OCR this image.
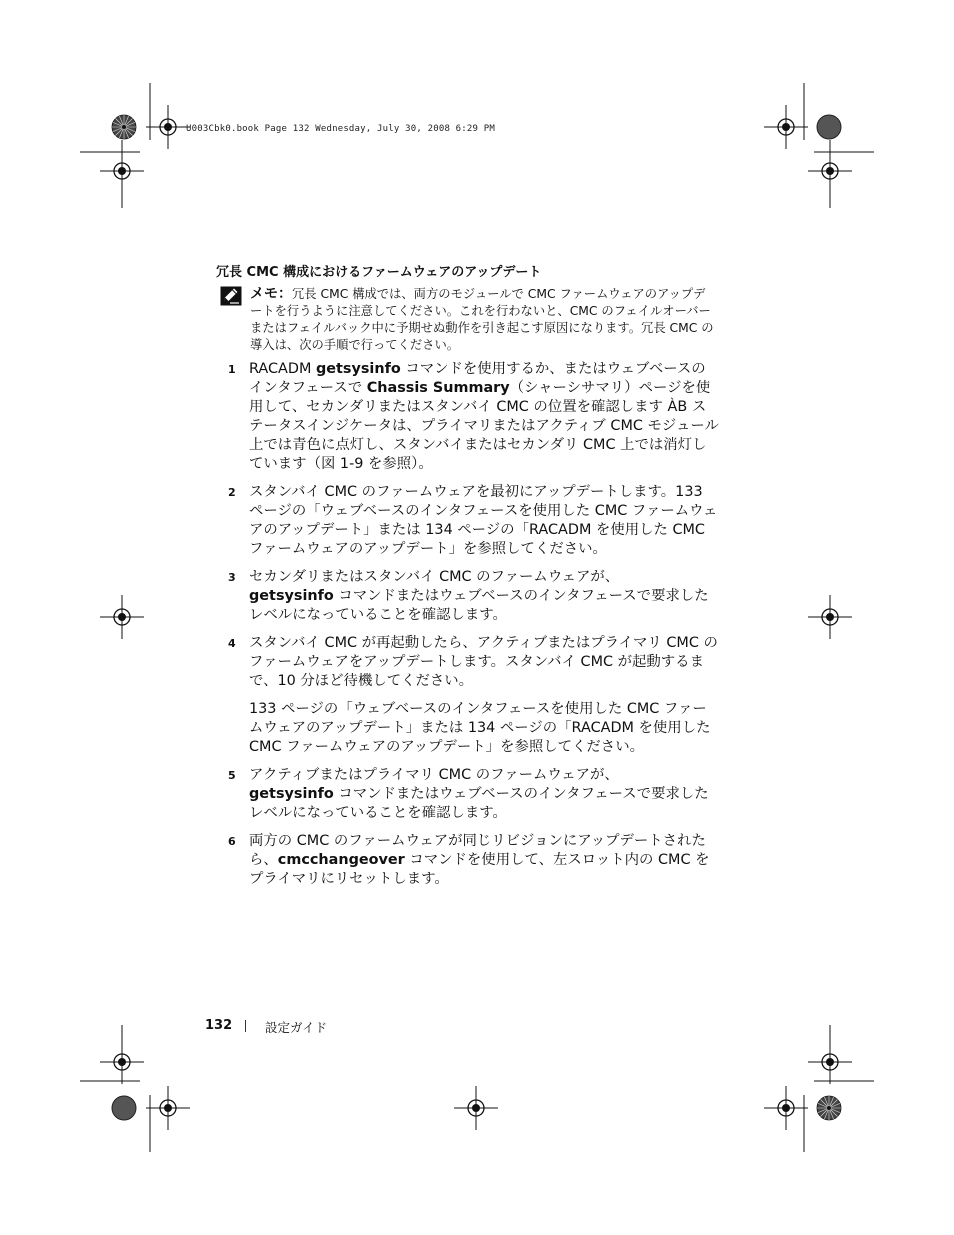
U003Cbk0.book Page 132 Wednesday, July 30, 2008 6:29 PM
冗長 CMC 構成におけるファームウェアのアップデート
メモ：冗長 CMC 構成では、両方のモジュールで CMC ファームウェアのアップデートを行うように注意してください。これを行わないと、CMC のフェイルオーバーまたはフェイルバック中に予期せぬ動作を引き起こす原因になります。冗長 CMC の導入は、次の手順で行ってください。
1 RACADM getsysinfo コマンドを使用するか、またはウェブベースのインタフェースで Chassis Summary（シャーシサマリ）ページを使用して、セカンダリまたはスタンバイ CMC の位置を確認します ÀB ステータスインジケータは、プライマリまたはアクティブ CMC モジュール上では青色に点灯し、スタンバイまたはセカンダリ CMC 上では消灯しています（図 1-9 を参照）。
2 スタンバイ CMC のファームウェアを最初にアップデートします。133 ページの「ウェブベースのインタフェースを使用した CMC ファームウェアのアップデート」または 134 ページの「RACADM を使用した CMC ファームウェアのアップデート」を参照してください。
3 セカンダリまたはスタンバイ CMC のファームウェアが、
getsysinfo コマンドまたはウェブベースのインタフェースで要求したレベルになっていることを確認します。
4 スタンバイ CMC が再起動したら、アクティブまたはプライマリ CMC のファームウェアをアップデートします。スタンバイ CMC が起動するまで、10 分ほど待機してください。
133 ページの「ウェブベースのインタフェースを使用した CMC ファームウェアのアップデート」または 134 ページの「RACADM を使用した CMC ファームウェアのアップデート」を参照してください。
5 アクティブまたはプライマリ CMC のファームウェアが、
getsysinfo コマンドまたはウェブベースのインタフェースで要求したレベルになっていることを確認します。
6 両方の CMC のファームウェアが同じリビジョンにアップデートされたら、cmcchangeover コマンドを使用して、左スロット内の CMC をプライマリにリセットします。
132	設定ガイド
